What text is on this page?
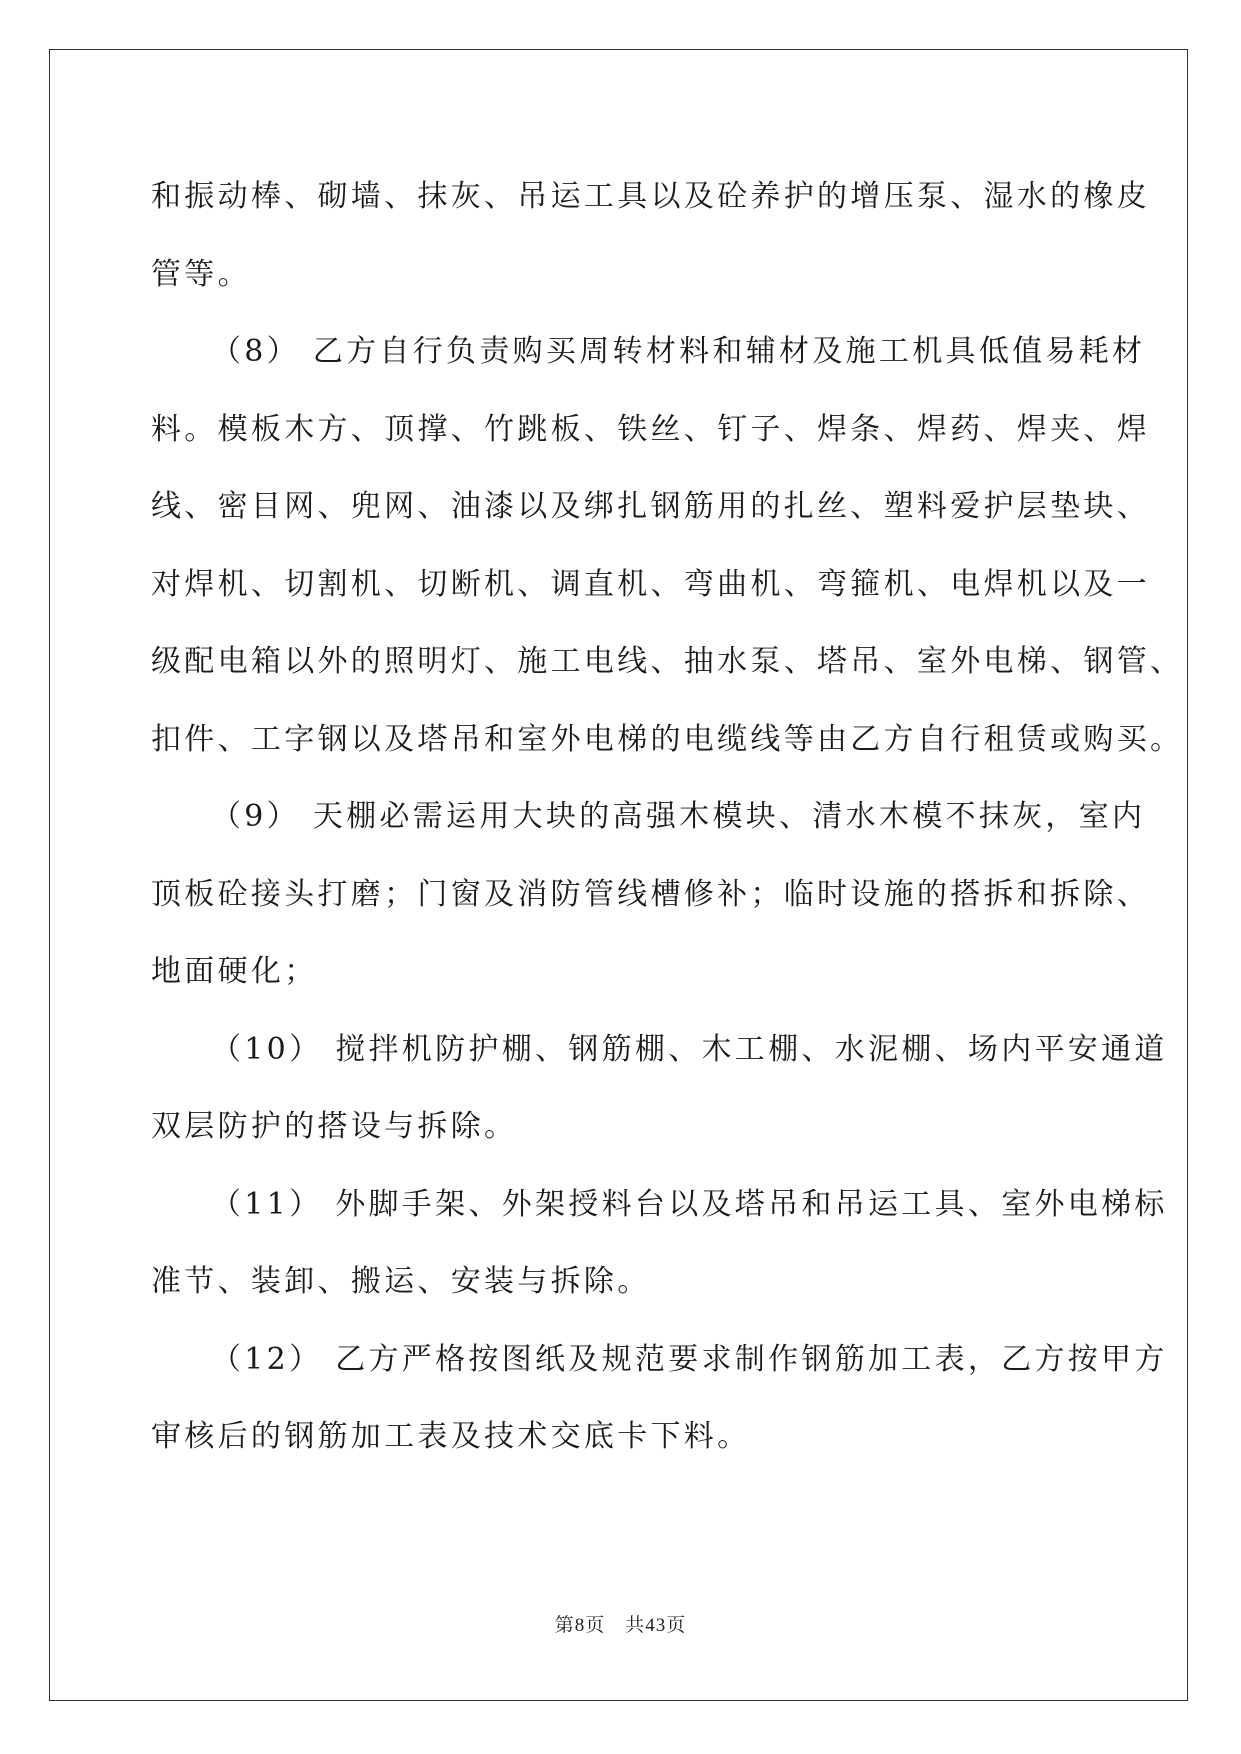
和振动棒、砌墙、抹灰、吊运工具以及砼养护的增压泵、湿水的橡皮
管等。

（8） 乙方自行负责购买周转材料和辅材及施工机具低值易耗材
料。模板木方、顶撑、竹跳板、铁丝、钉子、焊条、焊药、焊夹、焊
线、密目网、兜网、油漆以及绑扎钢筋用的扎丝、塑料爱护层垫块、
对焊机、切割机、切断机、调直机、弯曲机、弯箍机、电焊机以及一
级配电箱以外的照明灯、施工电线、抽水泵、塔吊、室外电梯、钢管、
扣件、工字钢以及塔吊和室外电梯的电缆线等由乙方自行租赁或购买。

（9） 天棚必需运用大块的高强木模块、清水木模不抹灰，室内
顶板砼接头打磨；门窗及消防管线槽修补；临时设施的搭拆和拆除、
地面硬化；

（10） 搅拌机防护棚、钢筋棚、木工棚、水泥棚、场内平安通道
双层防护的搭设与拆除。

（11） 外脚手架、外架授料台以及塔吊和吊运工具、室外电梯标
准节、装卸、搬运、安装与拆除。

（12） 乙方严格按图纸及规范要求制作钢筋加工表，乙方按甲方
审核后的钢筋加工表及技术交底卡下料。

第8页　共43页
